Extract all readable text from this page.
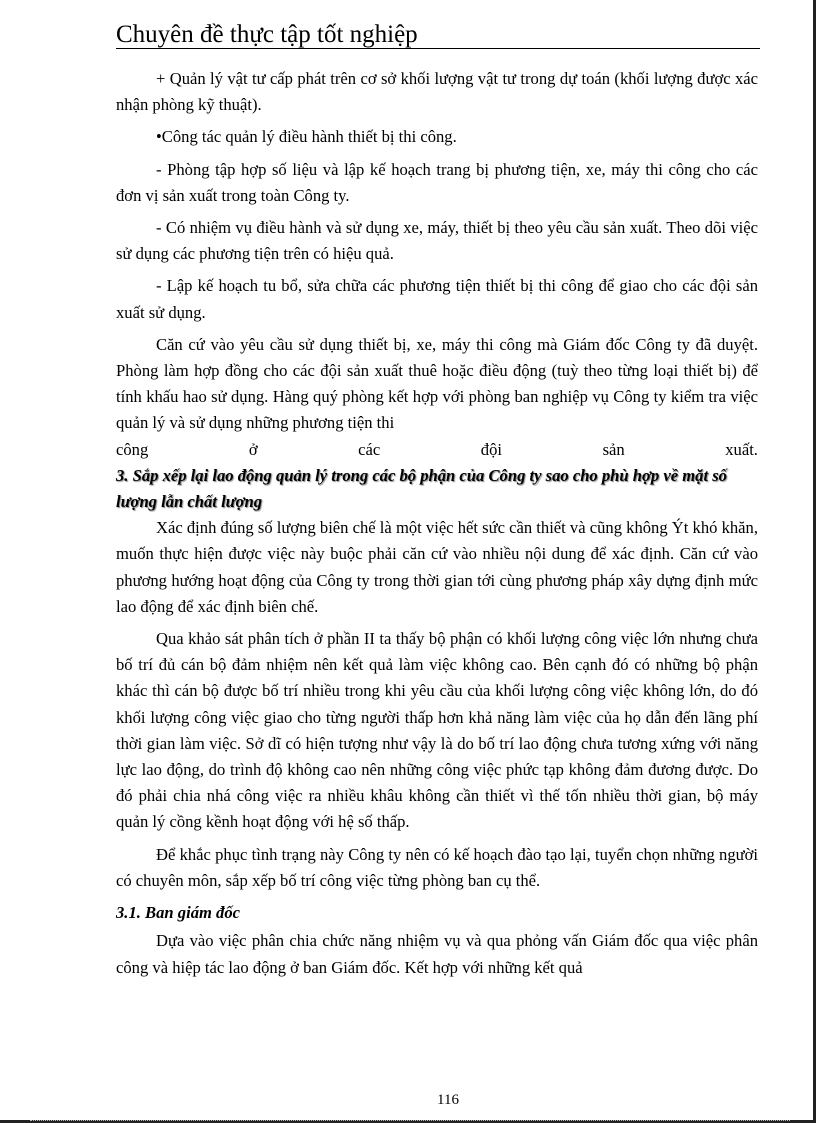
Chuyên đề thực tập tốt nghiệp

+ Quản lý vật tư cấp phát trên cơ sở khối lượng vật tư trong dự toán (khối lượng được xác nhận phòng kỹ thuật).

•Công tác quản lý điều hành thiết bị thi công.

- Phòng tập hợp số liệu và lập kế hoạch trang bị phương tiện, xe, máy thi công cho các đơn vị sản xuất trong toàn Công ty.

- Có nhiệm vụ điều hành và sử dụng xe, máy, thiết bị theo yêu cầu sản xuất. Theo dõi việc sử dụng các phương tiện trên có hiệu quả.

- Lập kế hoạch tu bổ, sửa chữa các phương tiện thiết bị thi công để giao cho các đội sản xuất sử dụng.

Căn cứ vào yêu cầu sử dụng thiết bị, xe, máy thi công mà Giám đốc Công ty đã duyệt. Phòng làm hợp đồng cho các đội sản xuất thuê hoặc điều động (tuỳ theo từng loại thiết bị) để tính khấu hao sử dụng. Hàng quý phòng kết hợp với phòng ban nghiệp vụ Công ty kiểm tra việc quản lý và sử dụng những phương tiện thi

công	ở	các	đội	sản	xuất.
3. Sắp xếp lại lao động quản lý trong các bộ phận của Công ty sao cho phù hợp về mặt số lượng lẫn chất lượng

Xác định đúng số lượng biên chế là một việc hết sức cần thiết và cũng không Ýt khó khăn, muốn thực hiện được việc này buộc phải căn cứ vào nhiều nội dung để xác định. Căn cứ vào phương hướng hoạt động của Công ty trong thời gian tới cùng phương pháp xây dựng định mức lao động để xác định biên chế.

Qua khảo sát phân tích ở phần II ta thấy bộ phận có khối lượng công việc lớn nhưng chưa bố trí đủ cán bộ đảm nhiệm nên kết quả làm việc không cao. Bên cạnh đó có những bộ phận khác thì cán bộ được bố trí nhiều trong khi yêu cầu của khối lượng công việc không lớn, do đó khối lượng công việc giao cho từng người thấp hơn khả năng làm việc của họ dẫn đến lãng phí thời gian làm việc. Sở dĩ có hiện tượng như vậy là do bố trí lao động chưa tương xứng với năng lực lao động, do trình độ không cao nên những công việc phức tạp không đảm đương được. Do đó phải chia nhá công việc ra nhiều khâu không cần thiết vì thế tốn nhiều thời gian, bộ máy quản lý cồng kềnh hoạt động với hệ số thấp.

Để khắc phục tình trạng này Công ty nên có kế hoạch đào tạo lại, tuyển chọn những người có chuyên môn, sắp xếp bố trí công việc từng phòng ban cụ thể.

3.1. Ban giám đốc

Dựa vào việc phân chia chức năng nhiệm vụ và qua phỏng vấn Giám đốc qua việc phân công và hiệp tác lao động ở ban Giám đốc. Kết hợp với những kết quả

116
